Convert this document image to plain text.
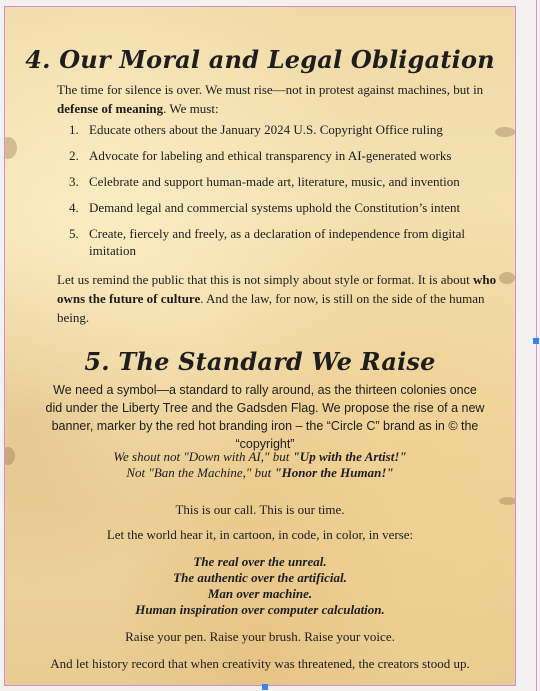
4. Our Moral and Legal Obligation

The time for silence is over. We must rise—not in protest against machines, but in defense of meaning. We must:

1. Educate others about the January 2024 U.S. Copyright Office ruling
2. Advocate for labeling and ethical transparency in AI-generated works
3. Celebrate and support human-made art, literature, music, and invention
4. Demand legal and commercial systems uphold the Constitution’s intent
5. Create, fiercely and freely, as a declaration of independence from digital imitation

Let us remind the public that this is not simply about style or format. It is about who owns the future of culture. And the law, for now, is still on the side of the human being.

5. The Standard We Raise

We need a symbol—a standard to rally around, as the thirteen colonies once did under the Liberty Tree and the Gadsden Flag. We propose the rise of a new banner, marker by the red hot branding iron – the “Circle C” brand as in © the “copyright”

We shout not "Down with AI," but "Up with the Artist!"

Not "Ban the Machine," but "Honor the Human!"

This is our call. This is our time.

Let the world hear it, in cartoon, in code, in color, in verse:

The real over the unreal.

The authentic over the artificial.

Man over machine.

Human inspiration over computer calculation.

Raise your pen. Raise your brush. Raise your voice.

And let history record that when creativity was threatened, the creators stood up.
